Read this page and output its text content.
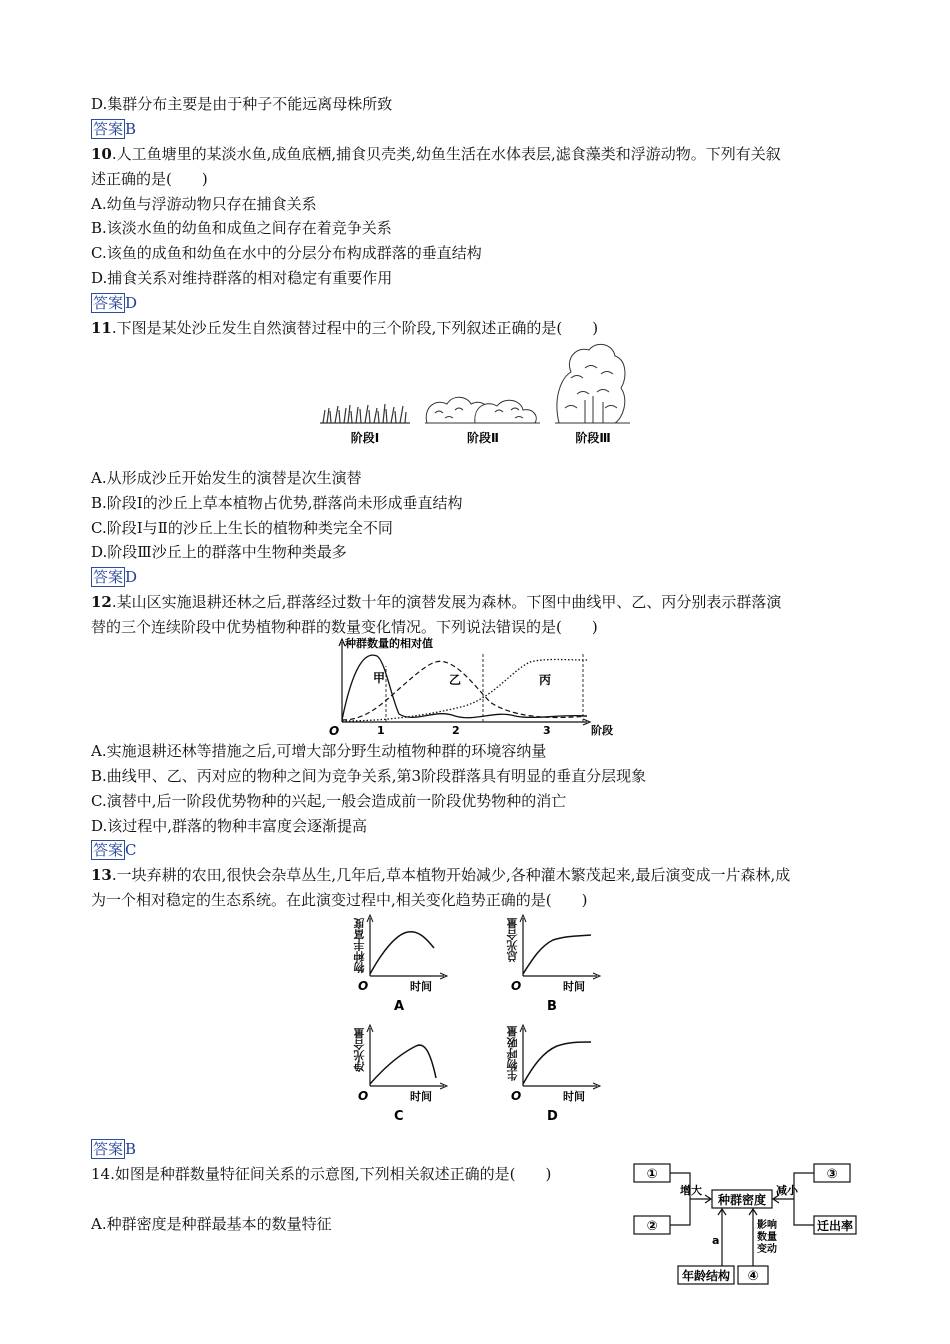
D.集群分布主要是由于种子不能远离母株所致
答案 B
10.人工鱼塘里的某淡水鱼,成鱼底栖,捕食贝壳类,幼鱼生活在水体表层,滤食藻类和浮游动物。下列有关叙
述正确的是(　　)
A.幼鱼与浮游动物只存在捕食关系
B.该淡水鱼的幼鱼和成鱼之间存在着竞争关系
C.该鱼的成鱼和幼鱼在水中的分层分布构成群落的垂直结构
D.捕食关系对维持群落的相对稳定有重要作用
答案 D
11.下图是某处沙丘发生自然演替过程中的三个阶段,下列叙述正确的是(　　)
阶段Ⅰ	阶段Ⅱ	阶段Ⅲ
A.从形成沙丘开始发生的演替是次生演替
B.阶段Ⅰ的沙丘上草本植物占优势,群落尚未形成垂直结构
C.阶段Ⅰ与Ⅱ的沙丘上生长的植物种类完全不同
D.阶段Ⅲ沙丘上的群落中生物种类最多
答案 D
12.某山区实施退耕还林之后,群落经过数十年的演替发展为森林。下图中曲线甲、乙、丙分别表示群落演
替的三个连续阶段中优势植物种群的数量变化情况。下列说法错误的是(　　)
种群数量的相对值
阶段
O	1	2	3
甲	乙	丙
A.实施退耕还林等措施之后,可增大部分野生动植物种群的环境容纳量
B.曲线甲、乙、丙对应的物种之间为竞争关系,第3阶段群落具有明显的垂直分层现象
C.演替中,后一阶段优势物种的兴起,一般会造成前一阶段优势物种的消亡
D.该过程中,群落的物种丰富度会逐渐提高
答案 C
13.一块弃耕的农田,很快会杂草丛生,几年后,草本植物开始减少,各种灌木繁茂起来,最后演变成一片森林,成
为一个相对稳定的生态系统。在此演变过程中,相关变化趋势正确的是(　　)
O	时间
A
物种丰富度
O	时间
B
总光合量
O	时间
C
净光合量
O	时间
D
生物呼吸量
答案 B
14.如图是种群数量特征间关系的示意图,下列相关叙述正确的是(　　)
A.种群密度是种群最基本的数量特征
①
②
种群密度
③
迁出率
年龄结构 ④
增大	减小
a
影响
数量
变动
